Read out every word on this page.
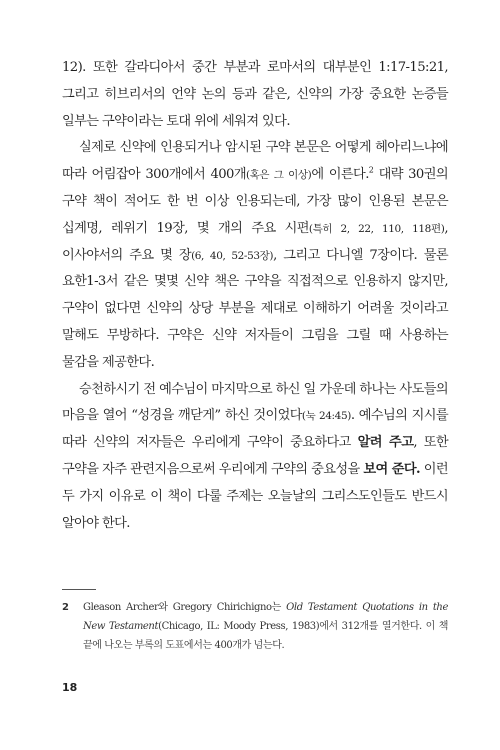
12). 또한 갈라디아서 중간 부분과 로마서의 대부분인 1:17-15:21, 그리고 히브리서의 언약 논의 등과 같은, 신약의 가장 중요한 논증들 일부는 구약이라는 토대 위에 세워져 있다.

실제로 신약에 인용되거나 암시된 구약 본문은 어떻게 헤아리느냐에 따라 어림잡아 300개에서 400개(혹은 그 이상)에 이른다.$^2$ 대략 30권의 구약 책이 적어도 한 번 이상 인용되는데, 가장 많이 인용된 본문은 십계명, 레위기 19장, 몇 개의 주요 시편(특히 2, 22, 110, 118편), 이사야서의 주요 몇 장(6, 40, 52-53장), 그리고 다니엘 7장이다. 물론 요한1-3서 같은 몇몇 신약 책은 구약을 직접적으로 인용하지 않지만, 구약이 없다면 신약의 상당 부분을 제대로 이해하기 어려울 것이라고 말해도 무방하다. 구약은 신약 저자들이 그림을 그릴 때 사용하는 물감을 제공한다.

승천하시기 전 예수님이 마지막으로 하신 일 가운데 하나는 사도들의 마음을 열어 “성경을 깨닫게” 하신 것이었다(눅 24:45). 예수님의 지시를 따라 신약의 저자들은 우리에게 구약이 중요하다고 알려 주고, 또한 구약을 자주 관련지음으로써 우리에게 구약의 중요성을 보여 준다. 이런 두 가지 이유로 이 책이 다룰 주제는 오늘날의 그리스도인들도 반드시 알아야 한다.

2	Gleason Archer와 Gregory Chirichigno는 Old Testament Quotations in the New Testament(Chicago, IL: Moody Press, 1983)에서 312개를 열거한다. 이 책 끝에 나오는 부록의 도표에서는 400개가 넘는다.
18
